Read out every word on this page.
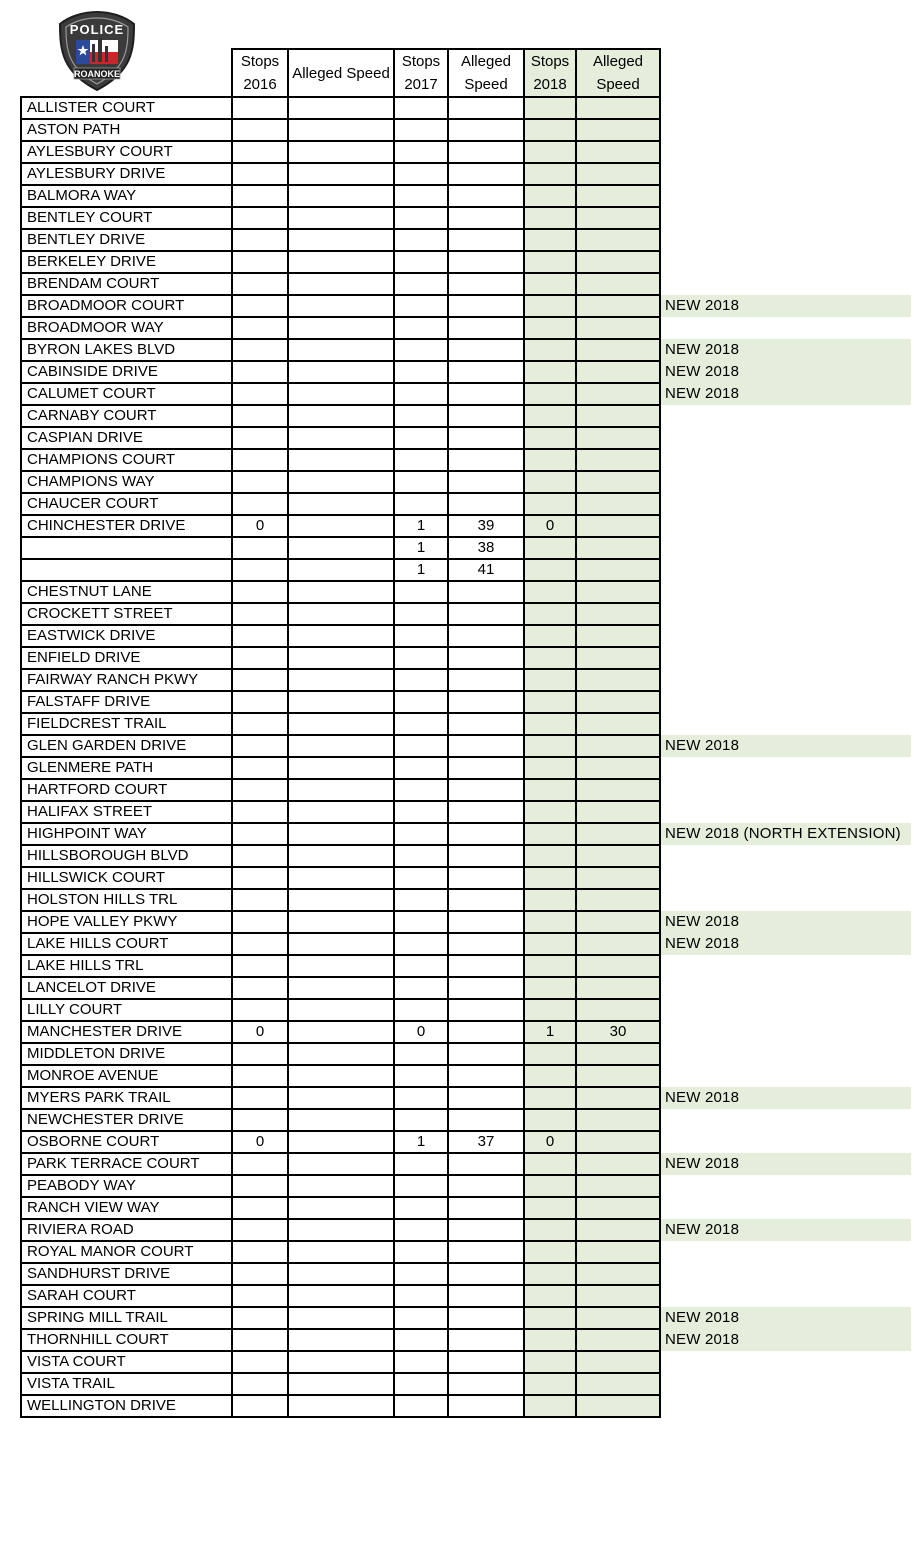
POLICE
ROANOKE
	Stops 2016	Alleged Speed	Stops 2017	Alleged Speed	Stops 2018	Alleged Speed	
ALLISTER COURT							
ASTON PATH							
AYLESBURY COURT							
AYLESBURY DRIVE							
BALMORA WAY							
BENTLEY COURT							
BENTLEY DRIVE							
BERKELEY DRIVE							
BRENDAM COURT							
BROADMOOR COURT							NEW 2018
BROADMOOR WAY							
BYRON LAKES BLVD							NEW 2018
CABINSIDE DRIVE							NEW 2018
CALUMET COURT							NEW 2018
CARNABY COURT							
CASPIAN DRIVE							
CHAMPIONS COURT							
CHAMPIONS WAY							
CHAUCER COURT							
CHINCHESTER DRIVE	0		1	39	0		
			1	38			
			1	41			
CHESTNUT LANE							
CROCKETT STREET							
EASTWICK DRIVE							
ENFIELD DRIVE							
FAIRWAY RANCH PKWY							
FALSTAFF DRIVE							
FIELDCREST TRAIL							
GLEN GARDEN DRIVE							NEW 2018
GLENMERE PATH							
HARTFORD COURT							
HALIFAX STREET							
HIGHPOINT WAY							NEW 2018 (NORTH EXTENSION)
HILLSBOROUGH BLVD							
HILLSWICK COURT							
HOLSTON HILLS TRL							
HOPE VALLEY PKWY							NEW 2018
LAKE HILLS COURT							NEW 2018
LAKE HILLS TRL							
LANCELOT DRIVE							
LILLY COURT							
MANCHESTER DRIVE	0		0		1	30	
MIDDLETON DRIVE							
MONROE AVENUE							
MYERS PARK TRAIL							NEW 2018
NEWCHESTER DRIVE							
OSBORNE COURT	0		1	37	0		
PARK TERRACE COURT							NEW 2018
PEABODY WAY							
RANCH VIEW WAY							
RIVIERA ROAD							NEW 2018
ROYAL MANOR COURT							
SANDHURST DRIVE							
SARAH COURT							
SPRING MILL TRAIL							NEW 2018
THORNHILL COURT							NEW 2018
VISTA COURT							
VISTA TRAIL							
WELLINGTON DRIVE							
